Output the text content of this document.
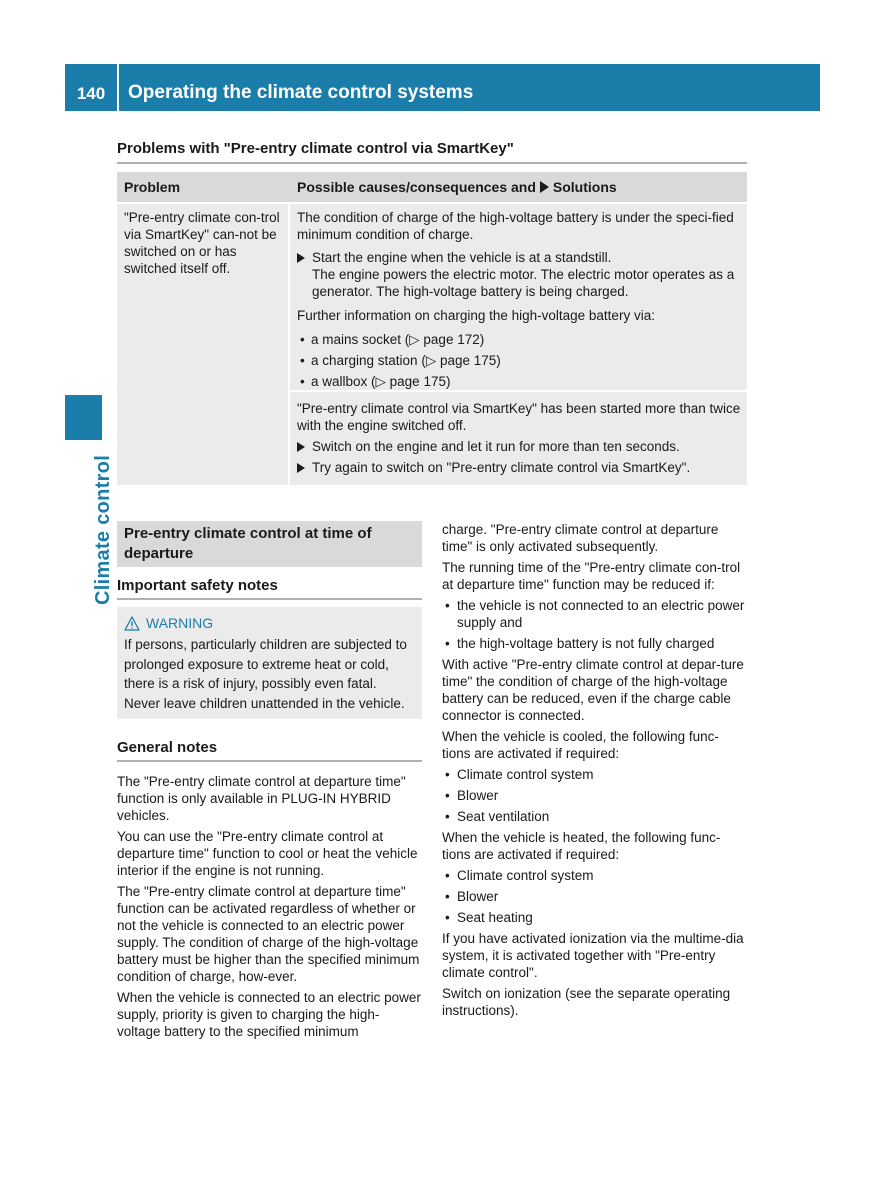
140	Operating the climate control systems
Climate control
Problems with "Pre-entry climate control via SmartKey"
Problem	Possible causes/consequences and Solutions
"Pre-entry climate con-trol via SmartKey" can-not be switched on or has switched itself off.

The condition of charge of the high-voltage battery is under the speci-fied minimum condition of charge.

Start the engine when the vehicle is at a standstill.
The engine powers the electric motor. The electric motor operates as a generator. The high-voltage battery is being charged.

Further information on charging the high-voltage battery via:

• a mains socket (▷ page 172)
• a charging station (▷ page 175)
• a wallbox (▷ page 175)

"Pre-entry climate control via SmartKey" has been started more than twice with the engine switched off.

Switch on the engine and let it run for more than ten seconds.
Try again to switch on "Pre-entry climate control via SmartKey".
Pre-entry climate control at time of departure
Important safety notes
WARNING
If persons, particularly children are subjected to prolonged exposure to extreme heat or cold, there is a risk of injury, possibly even fatal. Never leave children unattended in the vehicle.
General notes

The "Pre-entry climate control at departure time" function is only available in PLUG-IN HYBRID vehicles.

You can use the "Pre-entry climate control at departure time" function to cool or heat the vehicle interior if the engine is not running.

The "Pre-entry climate control at departure time" function can be activated regardless of whether or not the vehicle is connected to an electric power supply. The condition of charge of the high-voltage battery must be higher than the specified minimum condition of charge, how-ever.

When the vehicle is connected to an electric power supply, priority is given to charging the high-voltage battery to the specified minimum

charge. "Pre-entry climate control at departure time" is only activated subsequently.

The running time of the "Pre-entry climate con-trol at departure time" function may be reduced if:

• the vehicle is not connected to an electric power supply and
• the high-voltage battery is not fully charged

With active "Pre-entry climate control at depar-ture time" the condition of charge of the high-voltage battery can be reduced, even if the charge cable connector is connected.

When the vehicle is cooled, the following func-tions are activated if required:

• Climate control system
• Blower
• Seat ventilation

When the vehicle is heated, the following func-tions are activated if required:

• Climate control system
• Blower
• Seat heating

If you have activated ionization via the multime-dia system, it is activated together with "Pre-entry climate control".

Switch on ionization (see the separate operating instructions).
